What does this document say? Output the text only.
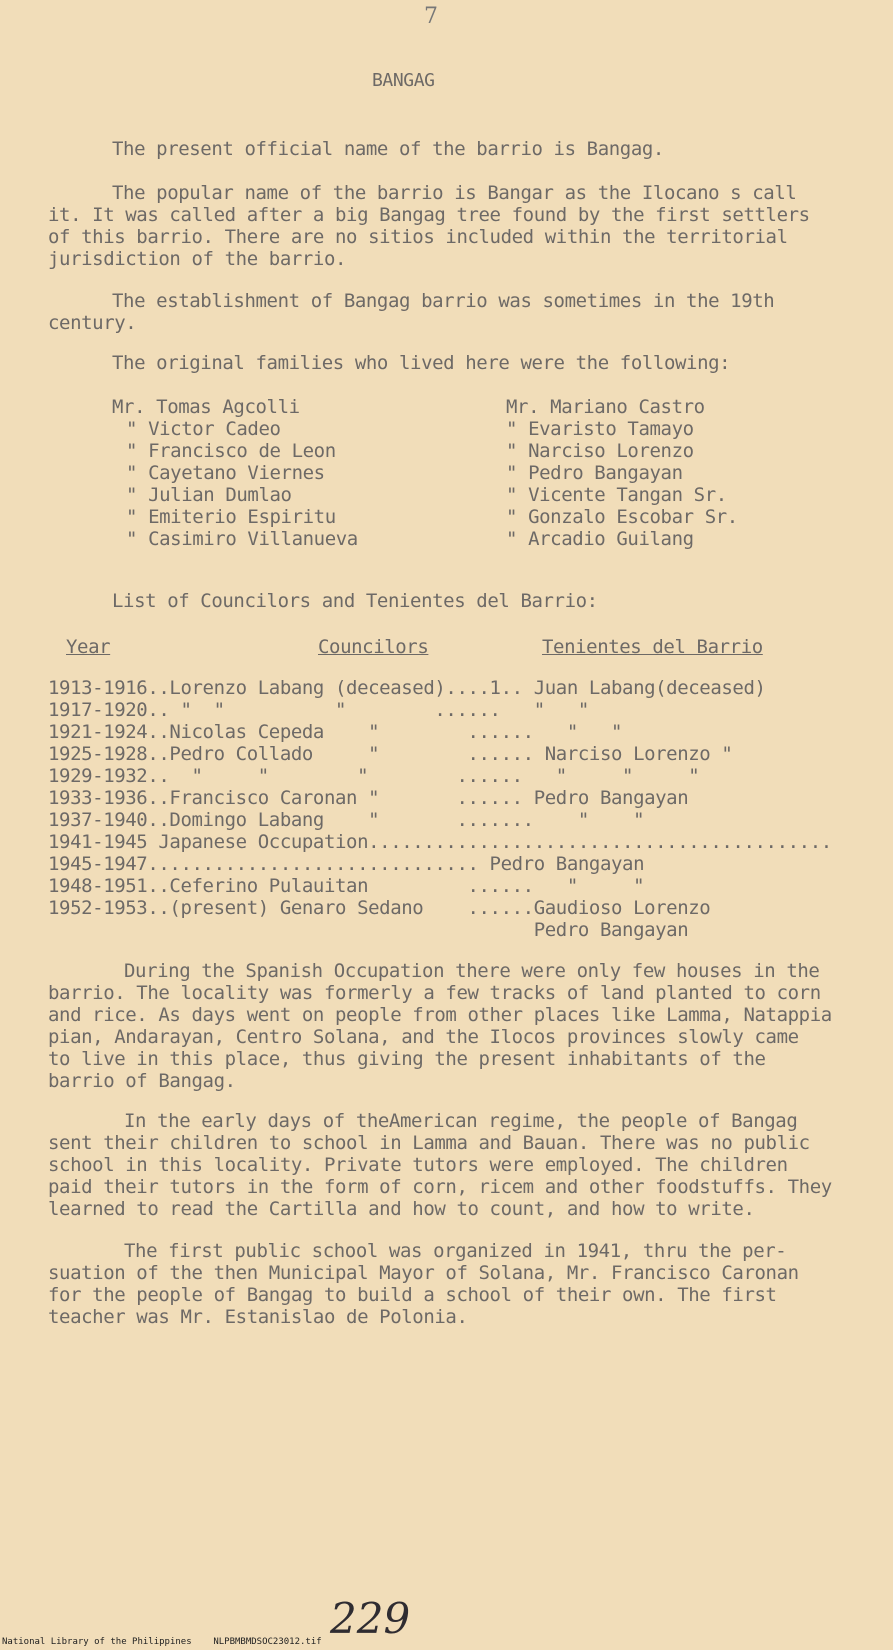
7
BANGAG
The present official name of the barrio is Bangag.
The popular name of the barrio is Bangar as the Ilocano s call
it. It was called after a big Bangag tree found by the first settlers
of this barrio. There are no sitios included within the territorial
jurisdiction of the barrio.
The establishment of Bangag barrio was sometimes in the 19th
century.
The original families who lived here were the following:
Mr. Tomas Agcolli
" Victor Cadeo
" Francisco de Leon
" Cayetano Viernes
" Julian Dumlao
" Emiterio Espiritu
" Casimiro Villanueva
Mr. Mariano Castro
" Evaristo Tamayo
" Narciso Lorenzo
" Pedro Bangayan
" Vicente Tangan Sr.
" Gonzalo Escobar Sr.
" Arcadio Guilang
List of Councilors and Tenientes del Barrio:
Year	Councilors	Tenientes del Barrio
1913-1916..Lorenzo Labang (deceased)....1.. Juan Labang(deceased)
1917-1920.. "  "          "        ......   "   "
1921-1924..Nicolas Cepeda    "        ......   "   "
1925-1928..Pedro Collado     "        ...... Narciso Lorenzo "
1929-1932..  "     "        "        ......   "     "     "
1933-1936..Francisco Caronan "       ...... Pedro Bangayan
1937-1940..Domingo Labang    "       .......    "    "
1941-1945 Japanese Occupation..........................................
1945-1947.............................. Pedro Bangayan
1948-1951..Ceferino Pulauitan         ......   "     "
1952-1953..(present) Genaro Sedano    ......Gaudioso Lorenzo
Pedro Bangayan
During the Spanish Occupation there were only few houses in the
barrio. The locality was formerly a few tracks of land planted to corn
and rice. As days went on people from other places like Lamma, Natappia
pian, Andarayan, Centro Solana, and the Ilocos provinces slowly came
to live in this place, thus giving the present inhabitants of the
barrio of Bangag.
In the early days of theAmerican regime, the people of Bangag
sent their children to school in Lamma and Bauan. There was no public
school in this locality. Private tutors were employed. The children
paid their tutors in the form of corn, ricem and other foodstuffs. They
learned to read the Cartilla and how to count, and how to write.
The first public school was organized in 1941, thru the per-
suation of the then Municipal Mayor of Solana, Mr. Francisco Caronan
for the people of Bangag to build a school of their own. The first
teacher was Mr. Estanislao de Polonia.
229
National Library of the Philippines    NLPBMBMDSOC23012.tif
